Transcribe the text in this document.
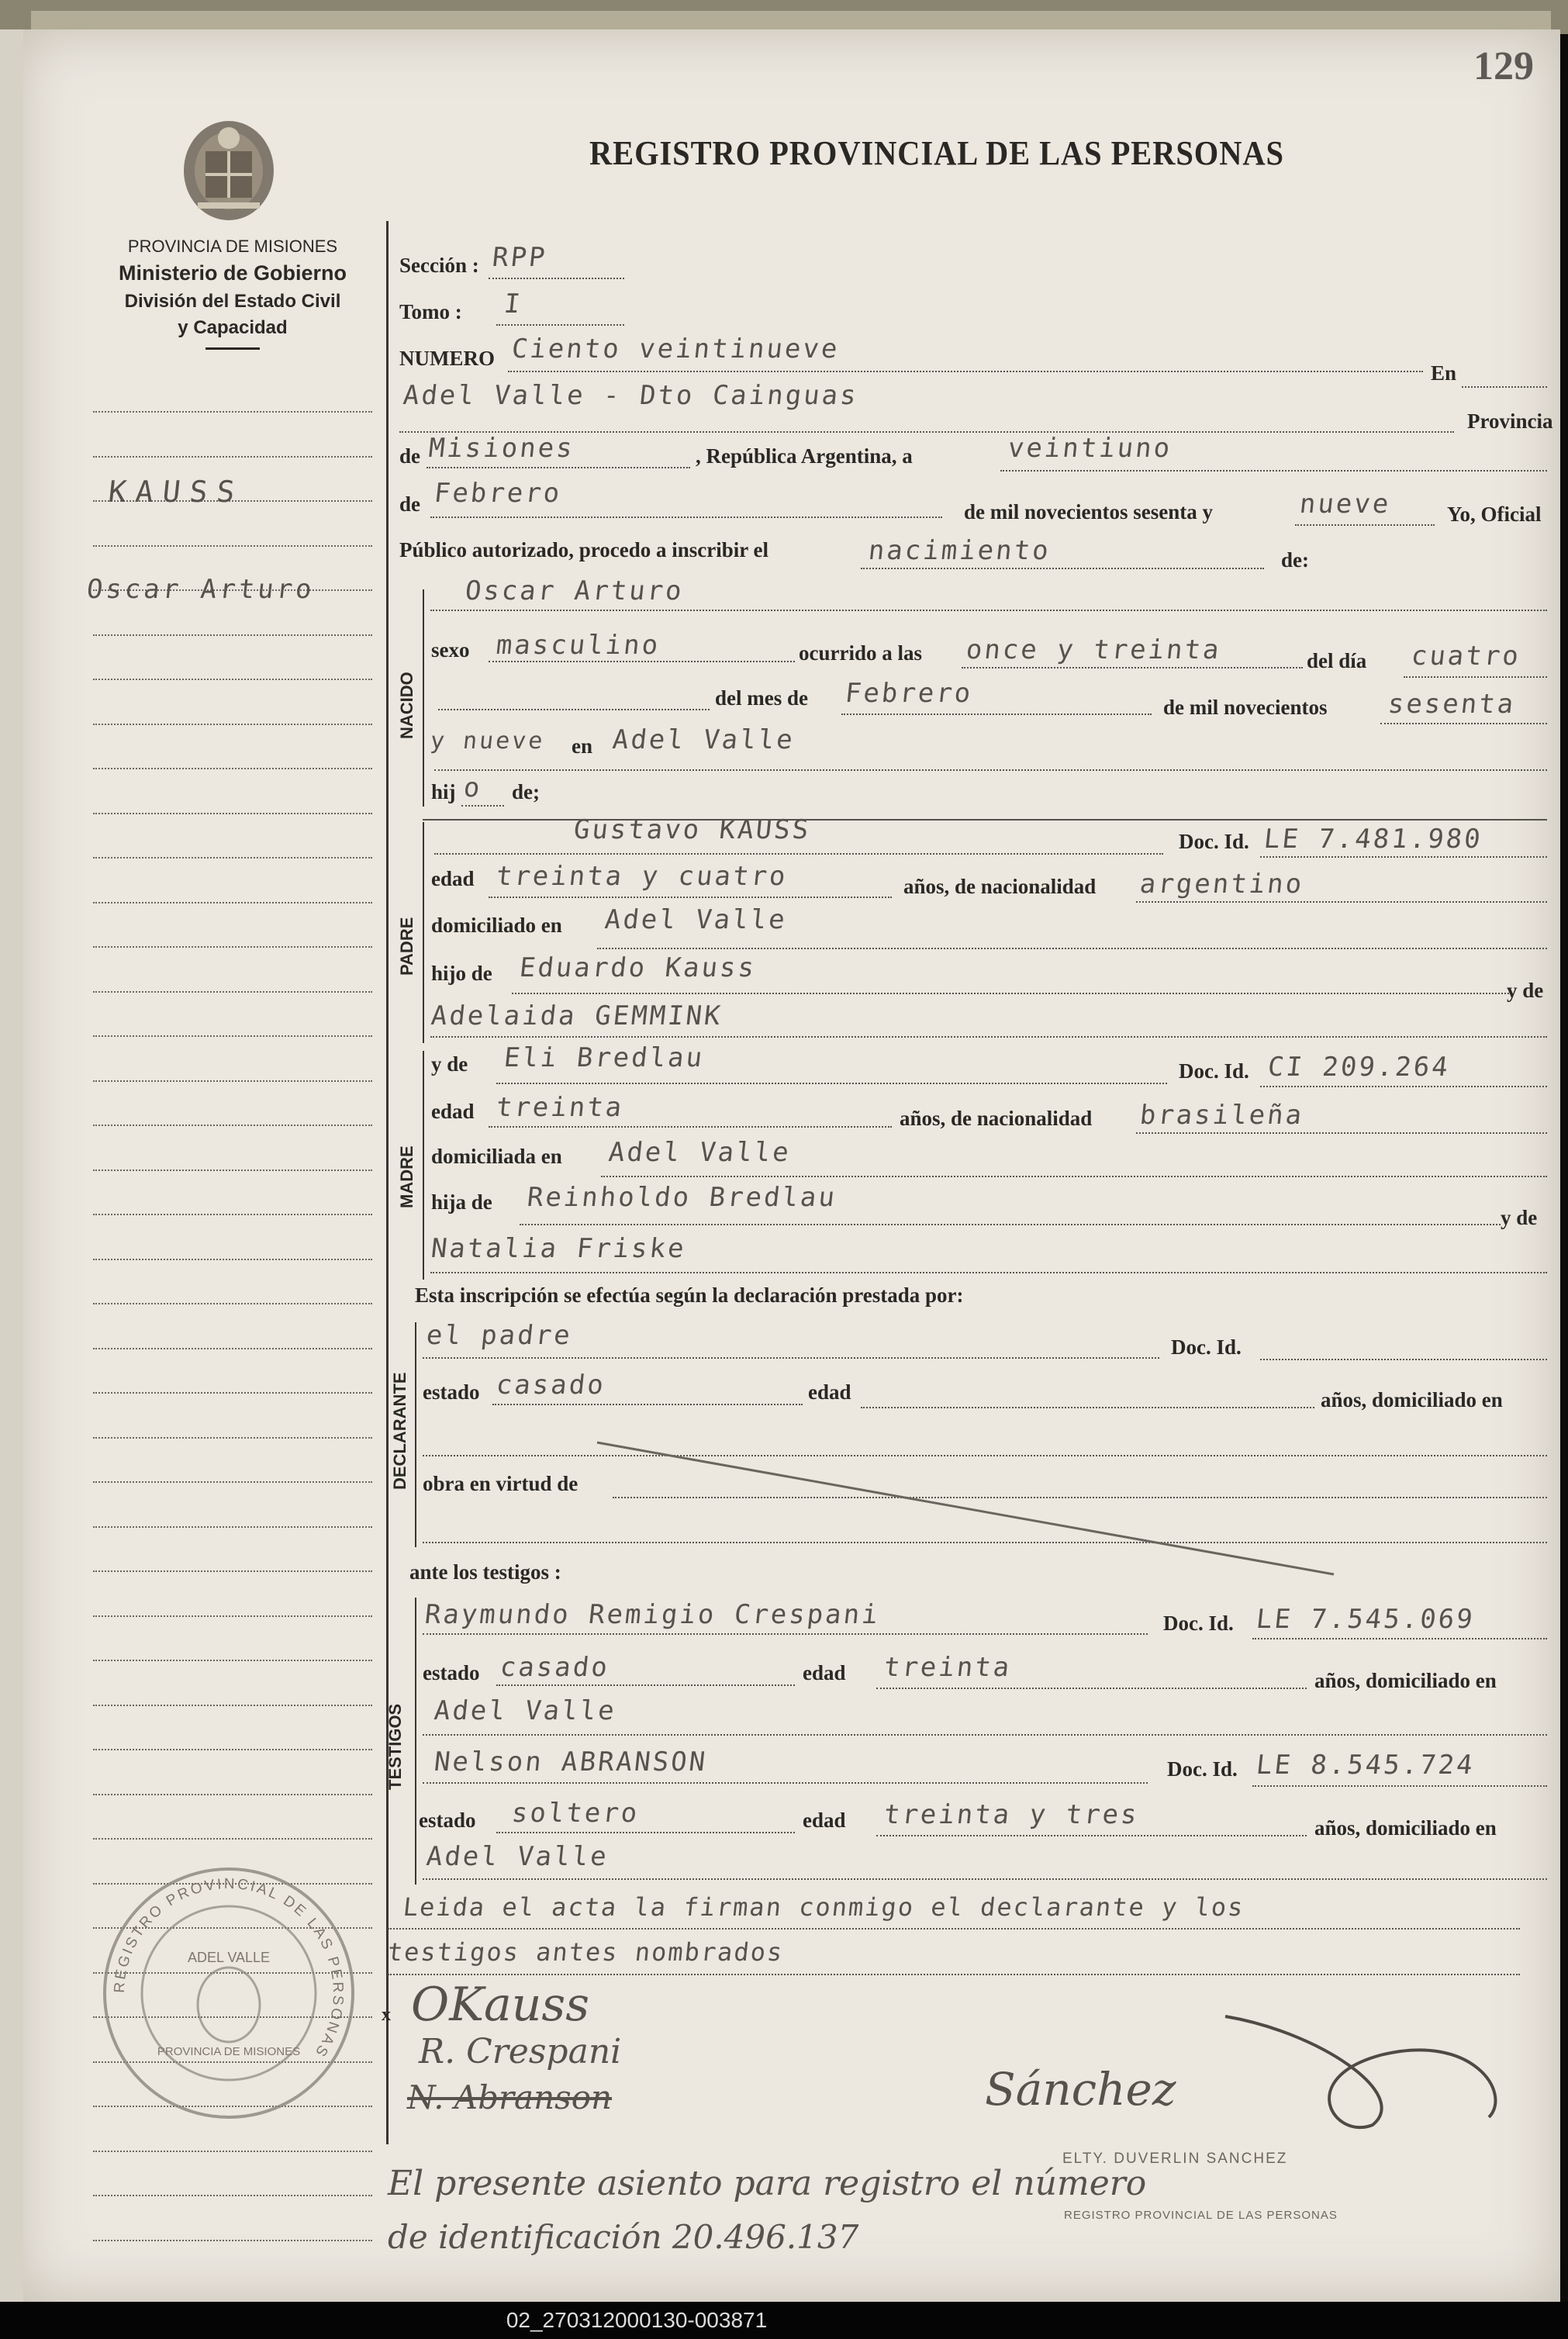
129
REGISTRO PROVINCIAL DE LAS PERSONAS
PROVINCIA DE MISIONES
Ministerio de Gobierno
División del Estado Civil
y Capacidad
KAUSS
Oscar Arturo
NACIDO
PADRE
MADRE
DECLARANTE
TESTIGOS
Sección : RPP
Tomo : I
NUMERO Ciento veintinueve
En
Adel Valle - Dto Cainguas
Provincia
de Misiones	, República Argentina, a	veintiuno
de Febrero
de mil novecientos sesenta y	nueve	Yo, Oficial
Público autorizado, procedo a inscribir el	nacimiento	de:
Oscar Arturo
sexo masculino	ocurrido a las once y treinta	del día cuatro
del mes de Febrero	de mil novecientos sesenta
y nueve en Adel Valle
hij o de;
Gustavo KAUSS	Doc. Id. LE 7.481.980
edad treinta y cuatro	años, de nacionalidad argentino
domiciliado en Adel Valle
hijo de Eduardo Kauss
y de
Adelaida GEMMINK
y de Eli Bredlau	Doc. Id. CI 209.264
edad treinta	años, de nacionalidad brasileña
domiciliada en Adel Valle
hija de Reinholdo Bredlau
y de
Natalia Friske
Esta inscripción se efectúa según la declaración prestada por:
el padre	Doc. Id.
estado casado	edad	años, domiciliado en
obra en virtud de
ante los testigos :
Raymundo Remigio Crespani	Doc. Id. LE 7.545.069
estado casado	edad treinta	años, domiciliado en
Adel Valle
Nelson ABRANSON	Doc. Id. LE 8.545.724
estado soltero	edad treinta y tres	años, domiciliado en
Adel Valle
Leida el acta la firman conmigo el declarante y los
testigos antes nombrados
x OKauss
R. Crespani
N. Abranson	Sánchez
ELTY. DUVERLIN SANCHEZ
REGISTRO PROVINCIAL DE LAS PERSONAS
El presente asiento para registro el número
de identificación 20.496.137
REGISTRO PROVINCIAL DE LAS PERSONAS
ADEL VALLE
PROVINCIA DE MISIONES
02_270312000130-003871
